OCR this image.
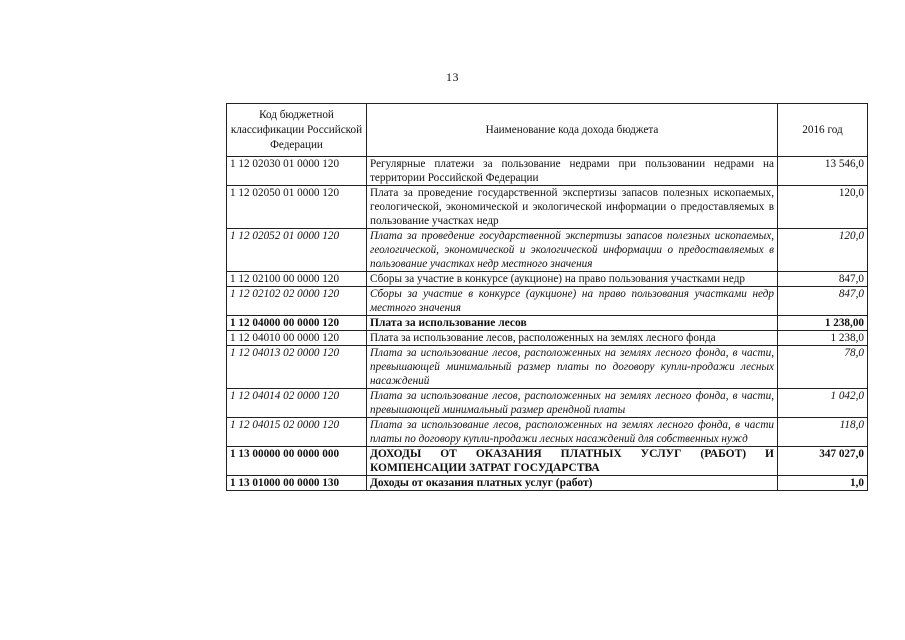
13
Код бюджетной классификации Российской Федерации	Наименование кода дохода бюджета	2016 год
1 12 02030 01 0000 120	Регулярные платежи за пользование недрами при пользовании недрами на территории Российской Федерации	13 546,0
1 12 02050 01 0000 120	Плата за проведение государственной экспертизы запасов полезных ископаемых, геологической, экономической и экологической информации о предоставляемых в пользование участках недр	120,0
1 12 02052 01 0000 120	Плата за проведение государственной экспертизы запасов полезных ископаемых, геологической, экономической и экологической информации о предоставляемых в пользование участках недр местного значения	120,0
1 12 02100 00 0000 120	Сборы за участие в конкурсе (аукционе) на право пользования участками недр	847,0
1 12 02102 02 0000 120	Сборы за участие в конкурсе (аукционе) на право пользования участками недр местного значения	847,0
1 12 04000 00 0000 120	Плата за использование лесов	1 238,00
1 12 04010 00 0000 120	Плата за использование лесов, расположенных на землях лесного фонда	1 238,0
1 12 04013 02 0000 120	Плата за использование лесов, расположенных на землях лесного фонда, в части, превышающей минимальный размер платы по договору купли-продажи лесных насаждений	78,0
1 12 04014 02 0000 120	Плата за использование лесов, расположенных на землях лесного фонда, в части, превышающей минимальный размер арендной платы	1 042,0
1 12 04015 02 0000 120	Плата за использование лесов, расположенных на землях лесного фонда, в части платы по договору купли-продажи лесных насаждений для собственных нужд	118,0
1 13 00000 00 0000 000	ДОХОДЫ ОТ ОКАЗАНИЯ ПЛАТНЫХ УСЛУГ (РАБОТ) И КОМПЕНСАЦИИ ЗАТРАТ ГОСУДАРСТВА	347 027,0
1 13 01000 00 0000 130	Доходы от оказания платных услуг (работ)	1,0
